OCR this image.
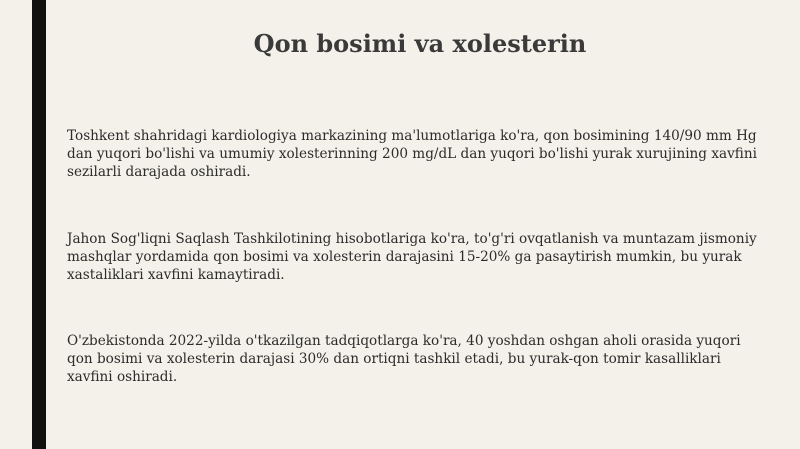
Qon bosimi va xolesterin

Toshkent shahridagi kardiologiya markazining ma'lumotlariga ko'ra, qon bosimining 140/90 mm Hg dan yuqori bo'lishi va umumiy xolesterinning 200 mg/dL dan yuqori bo'lishi yurak xurujining xavfini sezilarli darajada oshiradi.

Jahon Sog'liqni Saqlash Tashkilotining hisobotlariga ko'ra, to'g'ri ovqatlanish va muntazam jismoniy mashqlar yordamida qon bosimi va xolesterin darajasini 15-20% ga pasaytirish mumkin, bu yurak xastaliklari xavfini kamaytiradi.

O'zbekistonda 2022-yilda o'tkazilgan tadqiqotlarga ko'ra, 40 yoshdan oshgan aholi orasida yuqori qon bosimi va xolesterin darajasi 30% dan ortiqni tashkil etadi, bu yurak-qon tomir kasalliklari xavfini oshiradi.
